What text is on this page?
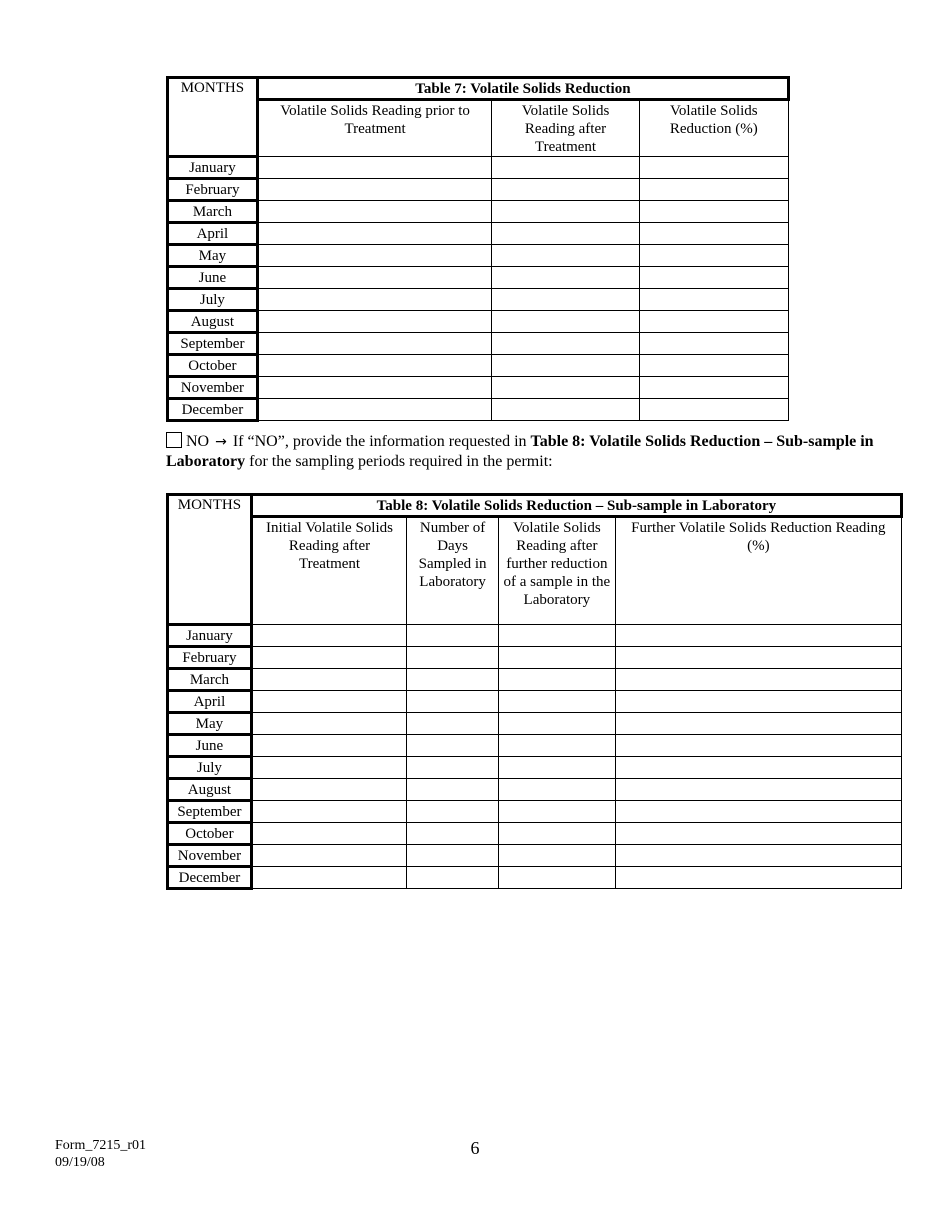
MONTHS	Table 7: Volatile Solids Reduction		
	Volatile Solids Reading prior to Treatment	Volatile Solids Reading after Treatment	Volatile Solids Reduction (%)
January			
February			
March			
April			
May			
June			
July			
August			
September			
October			
November			
December			
NO → If “NO”, provide the information requested in Table 8: Volatile Solids Reduction – Sub-sample in Laboratory for the sampling periods required in the permit:
MONTHS	Table 8: Volatile Solids Reduction – Sub-sample in Laboratory			
	Initial Volatile Solids Reading after Treatment	Number of Days Sampled in Laboratory	Volatile Solids Reading after further reduction of a sample in the Laboratory	Further Volatile Solids Reduction Reading (%)
January				
February				
March				
April				
May				
June				
July				
August				
September				
October				
November				
December				
Form_7215_r01
09/19/08
6
